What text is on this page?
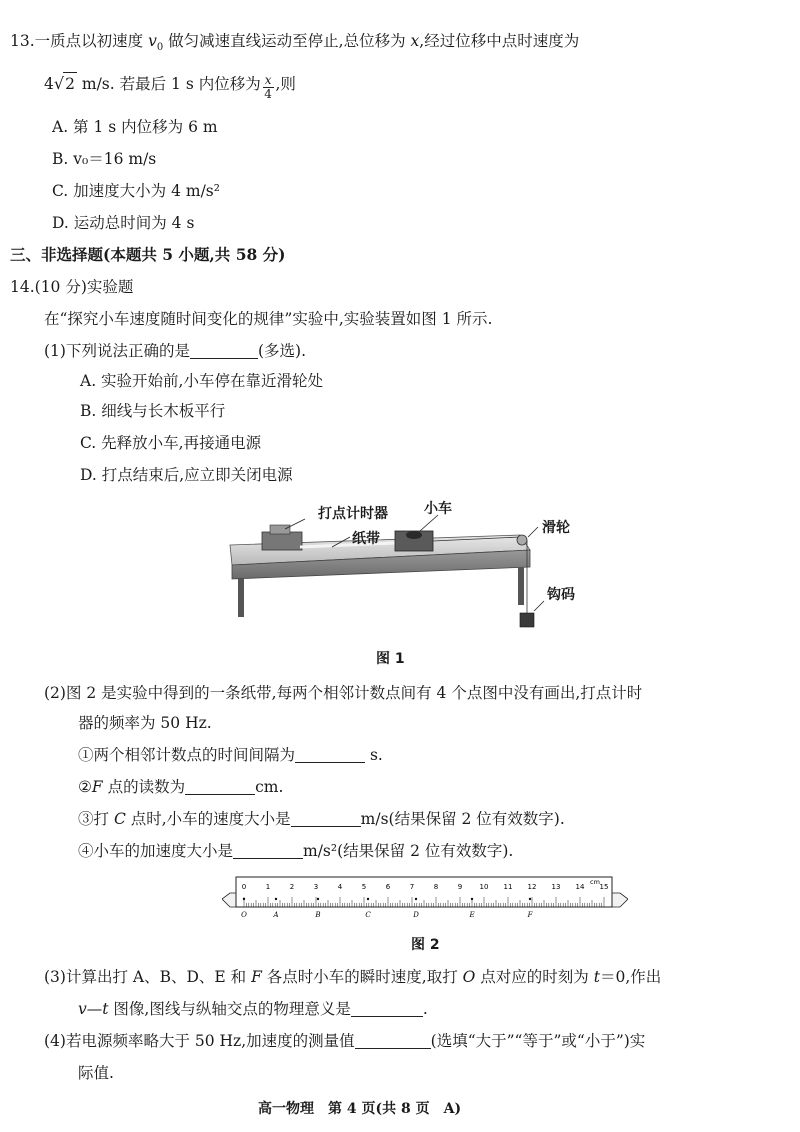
13.一质点以初速度 $v_0$ 做匀减速直线运动至停止,总位移为 x,经过位移中点时速度为
4√2 m/s. 若最后 1 s 内位移为 $\frac{x}{4}$ ,则
A. 第 1 s 内位移为 6 m
B. v₀＝16 m/s
C. 加速度大小为 4 m/s²
D. 运动总时间为 4 s
三、非选择题(本题共 5 小题,共 58 分)
14.(10 分)实验题
在“探究小车速度随时间变化的规律”实验中,实验装置如图 1 所示.
(1)下列说法正确的是	(多选).
A. 实验开始前,小车停在靠近滑轮处
B. 细线与长木板平行
C. 先释放小车,再接通电源
D. 打点结束后,应立即关闭电源
打点计时器	小车
纸带
滑轮
钩码
图 1
(2)图 2 是实验中得到的一条纸带,每两个相邻计数点间有 4 个点图中没有画出,打点计时
器的频率为 50 Hz.
①两个相邻计数点的时间间隔为	s.
②F 点的读数为	cm.
③打 C 点时,小车的速度大小是	m/s(结果保留 2 位有效数字).
④小车的加速度大小是	m/s²(结果保留 2 位有效数字).
0	1	2	3	4	5	6	7	8	9 10 11 12 13 14 15
O	A	B	C	D	E	F
cm
图 2
(3)计算出打 A、B、D、E 和 F 各点时小车的瞬时速度,取打 O 点对应的时刻为 t＝0,作出
v—t 图像,图线与纵轴交点的物理意义是	.
(4)若电源频率略大于 50 Hz,加速度的测量值	(选填“大于”“等于”或“小于”)实
际值.
高一物理　第 4 页(共 8 页　A)
